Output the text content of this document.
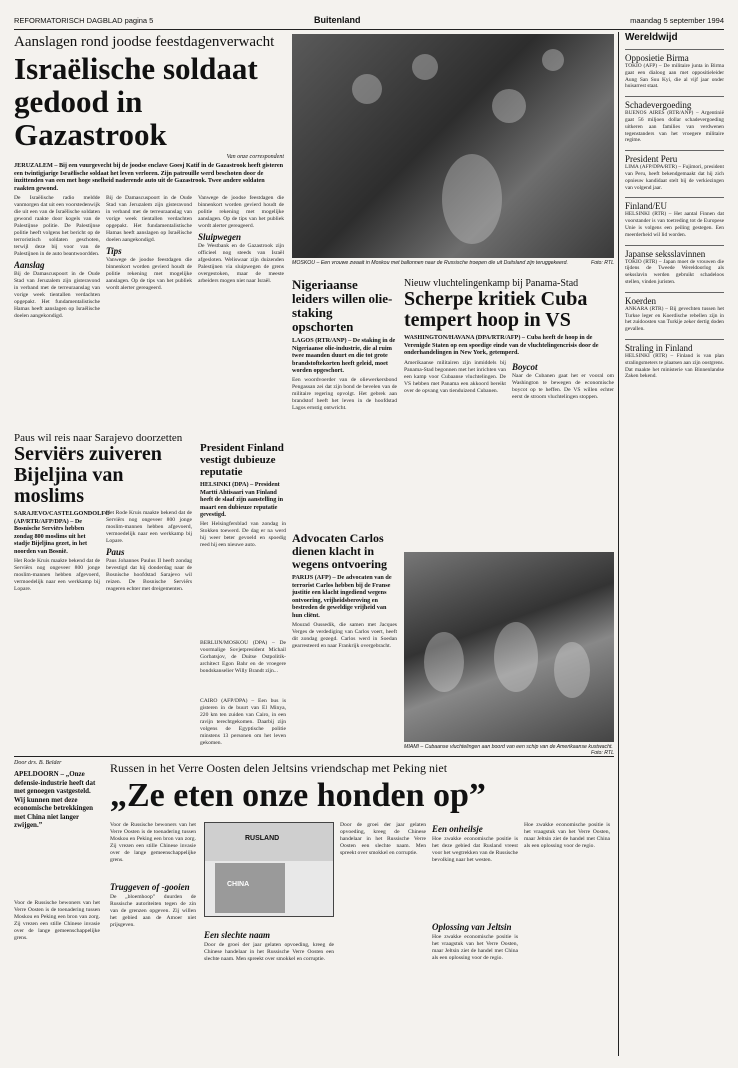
REFORMATORISCH DAGBLAD pagina 5	Buitenland	maandag 5 september 1994
Aanslagen rond joodse feestdagenverwacht
Israëlische soldaat
gedood in Gazastrook
Van onze correspondent
JERUZALEM – Bij een vuurgevecht bij de joodse enclave Goesj Katif in de Gazastrook heeft gisteren een twintigjarige Israëlische soldaat het leven verloren. Zijn patrouille werd beschoten door de inzittenden van een met hoge snelheid naderende auto uit de Gazastrook. Twee andere soldaten raakten gewond.
De Israëlische radio meldde vanmorgen dat uit een voorstedenwijk die uit een van de Israëlische soldaten gewond raakte door kogels van de Palestijnse politie. De Palestijnse politie heeft volgens het bericht op de terroristisch soldaten geschoten, terwijl deze bij voor van de Palestijnen in de auto beantwoordden.
Aanslag
Bij de Damascuspoort in de Oude Stad van Jeruzalem zijn gisteravond in verband met de terreuraanslag van vorige week tientallen verdachten opgepakt. Het fundamentalistische Hamas heeft aanslagen op Israëlische doelen aangekondigd.
Bij de Damascuspoort in de Oude Stad van Jeruzalem zijn gisteravond in verband met de terreuraanslag van vorige week tientallen verdachten opgepakt. Het fundamentalistische Hamas heeft aanslagen op Israëlische doelen aangekondigd.
Tips
Vanwege de joodse feestdagen die binnenkort worden gevierd houdt de politie rekening met mogelijke aanslagen. Op de tips van het publiek wordt alerter gereageerd.
Vanwege de joodse feestdagen die binnenkort worden gevierd houdt de politie rekening met mogelijke aanslagen. Op de tips van het publiek wordt alerter gereageerd.
Sluipwegen
De Westbank en de Gazastrook zijn officieel nog steeds van Israël afgesloten. Weliswaar zijn duizenden Palestijnen via sluipwegen de grens overgestoken, maar de meeste arbeiders mogen niet naar Israël.
MOSKOU – Een vrouwe zwaait in Moskou met ballonnen naar de Russische troepen die uit Duitsland zijn teruggekeerd.	Foto: RTL
Nigeriaanse leiders willen oliestaking opschorten
LAGOS (RTR/ANP) – De staking in de Nigeriaanse olie-industrie, die al ruim twee maanden duurt en die tot grote brandstoftekorten heeft geleid, moet worden opgeschort.
Een woordvoerder van de oliewerkersbond Pengassan zei dat zijn bond de bevelen van de militaire regering opvolgt. Het gebrek aan brandstof heeft het leven in de hoofdstad Lagos ernstig ontwricht.
Nieuw vluchtelingenkamp bij Panama-Stad
Scherpe kritiek Cuba
tempert hoop in VS
WASHINGTON/HAVANA (DPA/RTR/AFP) – Cuba heeft de hoop in de Verenigde Staten op een spoedige einde van de vluchtelingencrisis door de onderhandelingen in New York, getemperd.
Amerikaanse militairen zijn inmiddels bij Panama-Stad begonnen met het inrichten van een kamp voor Cubaanse vluchtelingen. De VS hebben met Panama een akkoord bereikt over de opvang van tienduizend Cubanen.
Boycot
Naar de Cubanen gaat het er vooral om Washington te bewegen de economische boycot op te heffen. De VS willen echter eerst de stroom vluchtelingen stoppen.
Advocaten Carlos dienen klacht in wegens ontvoering
PARIJS (AFP) – De advocaten van de terrorist Carlos hebben bij de Franse justitie een klacht ingediend wegens ontvoering, vrijheidsberoving en bestreden de geweldige vrijheid van hun cliënt.
Mourad Oussedik, die samen met Jacques Verges de verdediging van Carlos voert, heeft dit zondag gezegd. Carlos werd in Soedan gearresteerd en naar Frankrijk overgebracht.
MIAMI – Cubaanse vluchtelingen aan boord van een schip van de Amerikaanse kustwacht.
Foto: RTL
Paus wil reis naar Sarajevo doorzetten
Serviërs zuiveren
Bijeljina van moslims
SARAJEVO/CASTELGONDOLFO (AP/RTR/AFP/DPA) – De Bosnische Serviërs hebben zondag 800 moslims uit het stadje Bijeljina gezet, in het noorden van Bosnië.
Het Rode Kruis maakte bekend dat de Serviërs nog ongeveer 800 jonge moslim-mannen hebben afgevoerd, vermoedelijk naar een werkkamp bij Lopare.
Het Rode Kruis maakte bekend dat de Serviërs nog ongeveer 800 jonge moslim-mannen hebben afgevoerd, vermoedelijk naar een werkkamp bij Lopare.
Paus
Paus Johannes Paulus II heeft zondag bevestigd dat hij donderdag naar de Bosnische hoofdstad Sarajevo wil reizen. De Bosnische Serviërs reageren echter met dreigementen.
President Finland vestigt dubieuze reputatie
HELSINKI (DPA) – President Martti Ahtisaari van Finland heeft de slaaf zijn aanstelling in maart een dubieuze reputatie gevestigd.
Het Helsingfersblad van zondag in Stokken toewerd. De dag er na werd hij weer beter gevoeld en spoedig reed hij een nieuwe auto.
BERLIJN/MOSKOU (DPA) – De voormalige Sovjetpresident Michail Gorbatsjov, de Duitse Ostpolitik-architect Egon Bahr en de vroegere bondskanselier Willy Brandt zijn...
CAIRO (AFP/DPA) – Een bus is gisteren in de buurt van El Minya, 220 km ten zuiden van Cairo, in een ravijn terechtgekomen. Daarbij zijn volgens de Egyptische politie minstens 13 personen om het leven gekomen.
Door drs. B. Belder
APELDOORN – „Onze defensie-industrie heeft dat met genoegen vastgesteld. Wij kunnen met deze economische betrekkingen met China niet langer zwijgen.”
Voor de Russische bewoners van het Verre Oosten is de toenadering tussen Moskou en Peking een bron van zorg. Zij vrezen een stille Chinese invasie over de lange gemeenschappelijke grens.
Russen in het Verre Oosten delen Jeltsins vriendschap met Peking niet
„Ze eten onze honden op”
Voor de Russische bewoners van het Verre Oosten is de toenadering tussen Moskou en Peking een bron van zorg. Zij vrezen een stille Chinese invasie over de lange gemeenschappelijke grens.
Truggeven of -gooien
De „bloemhoop” duurden de Russische autoriteiten tegen de zin van de grenzen opgeven. Zij willen het gebied aan de Amoer niet prijsgeven.
RUSLAND
CHINA
Een slechte naam
Door de groei der jaar gelaten opvoeding, kreeg de Chinese handelaar in het Russische Verre Oosten een slechte naam. Men spreekt over smokkel en corruptie.
Door de groei der jaar gelaten opvoeding, kreeg de Chinese handelaar in het Russische Verre Oosten een slechte naam. Men spreekt over smokkel en corruptie.
Een onheilsje
Hoe zwakke economische positie is het deze gebied dat Rusland vreest voor het wegtrekken van de Russische bevolking naar het westen.
Oplossing van Jeltsin
Hoe zwakke economische positie is het vraagstuk van het Verre Oosten, maar Jeltsin ziet de handel met China als een oplossing voor de regio.
Hoe zwakke economische positie is het vraagstuk van het Verre Oosten, maar Jeltsin ziet de handel met China als een oplossing voor de regio.
Wereldwijd
Opposietie Birma
TOKIO (AFP) – De militaire junta in Birma gaat een dialoog aan met oppositieleider Aung San Suu Kyi, die al vijf jaar onder huisarrest staat.
Schadevergoeding
BUENOS AIRES (RTR/ANP) – Argentinië gaat 56 miljoen dollar schadevergoeding uitkeren aan families van verdwenen tegenstanders van het vroegere militaire regime.
President Peru
LIMA (AFP/DPA/RTR) – Fujimori, president van Peru, heeft bekendgemaakt dat hij zich opnieuw kandidaat stelt bij de verkiezingen van volgend jaar.
Finland/EU
HELSINKI (RTR) – Het aantal Finnen dat voorstander is van toetreding tot de Europese Unie is volgens een peiling gestegen. Een meerderheid wil lid worden.
Japanse seksslavinnen
TOKIO (RTR) – Japan moet de vrouwen die tijdens de Tweede Wereldoorlog als seksslavin werden gebruikt schadeloos stellen, vinden juristen.
Koerden
ANKARA (RTR) – Bij gevechten tussen het Turkse leger en Koerdische rebellen zijn in het zuidoosten van Turkije zeker dertig doden gevallen.
Straling in Finland
HELSINKI (RTR) – Finland is van plan stralingsmeters te plaatsen aan zijn oostgrens. Dat maakte het ministerie van Binnenlandse Zaken bekend.
